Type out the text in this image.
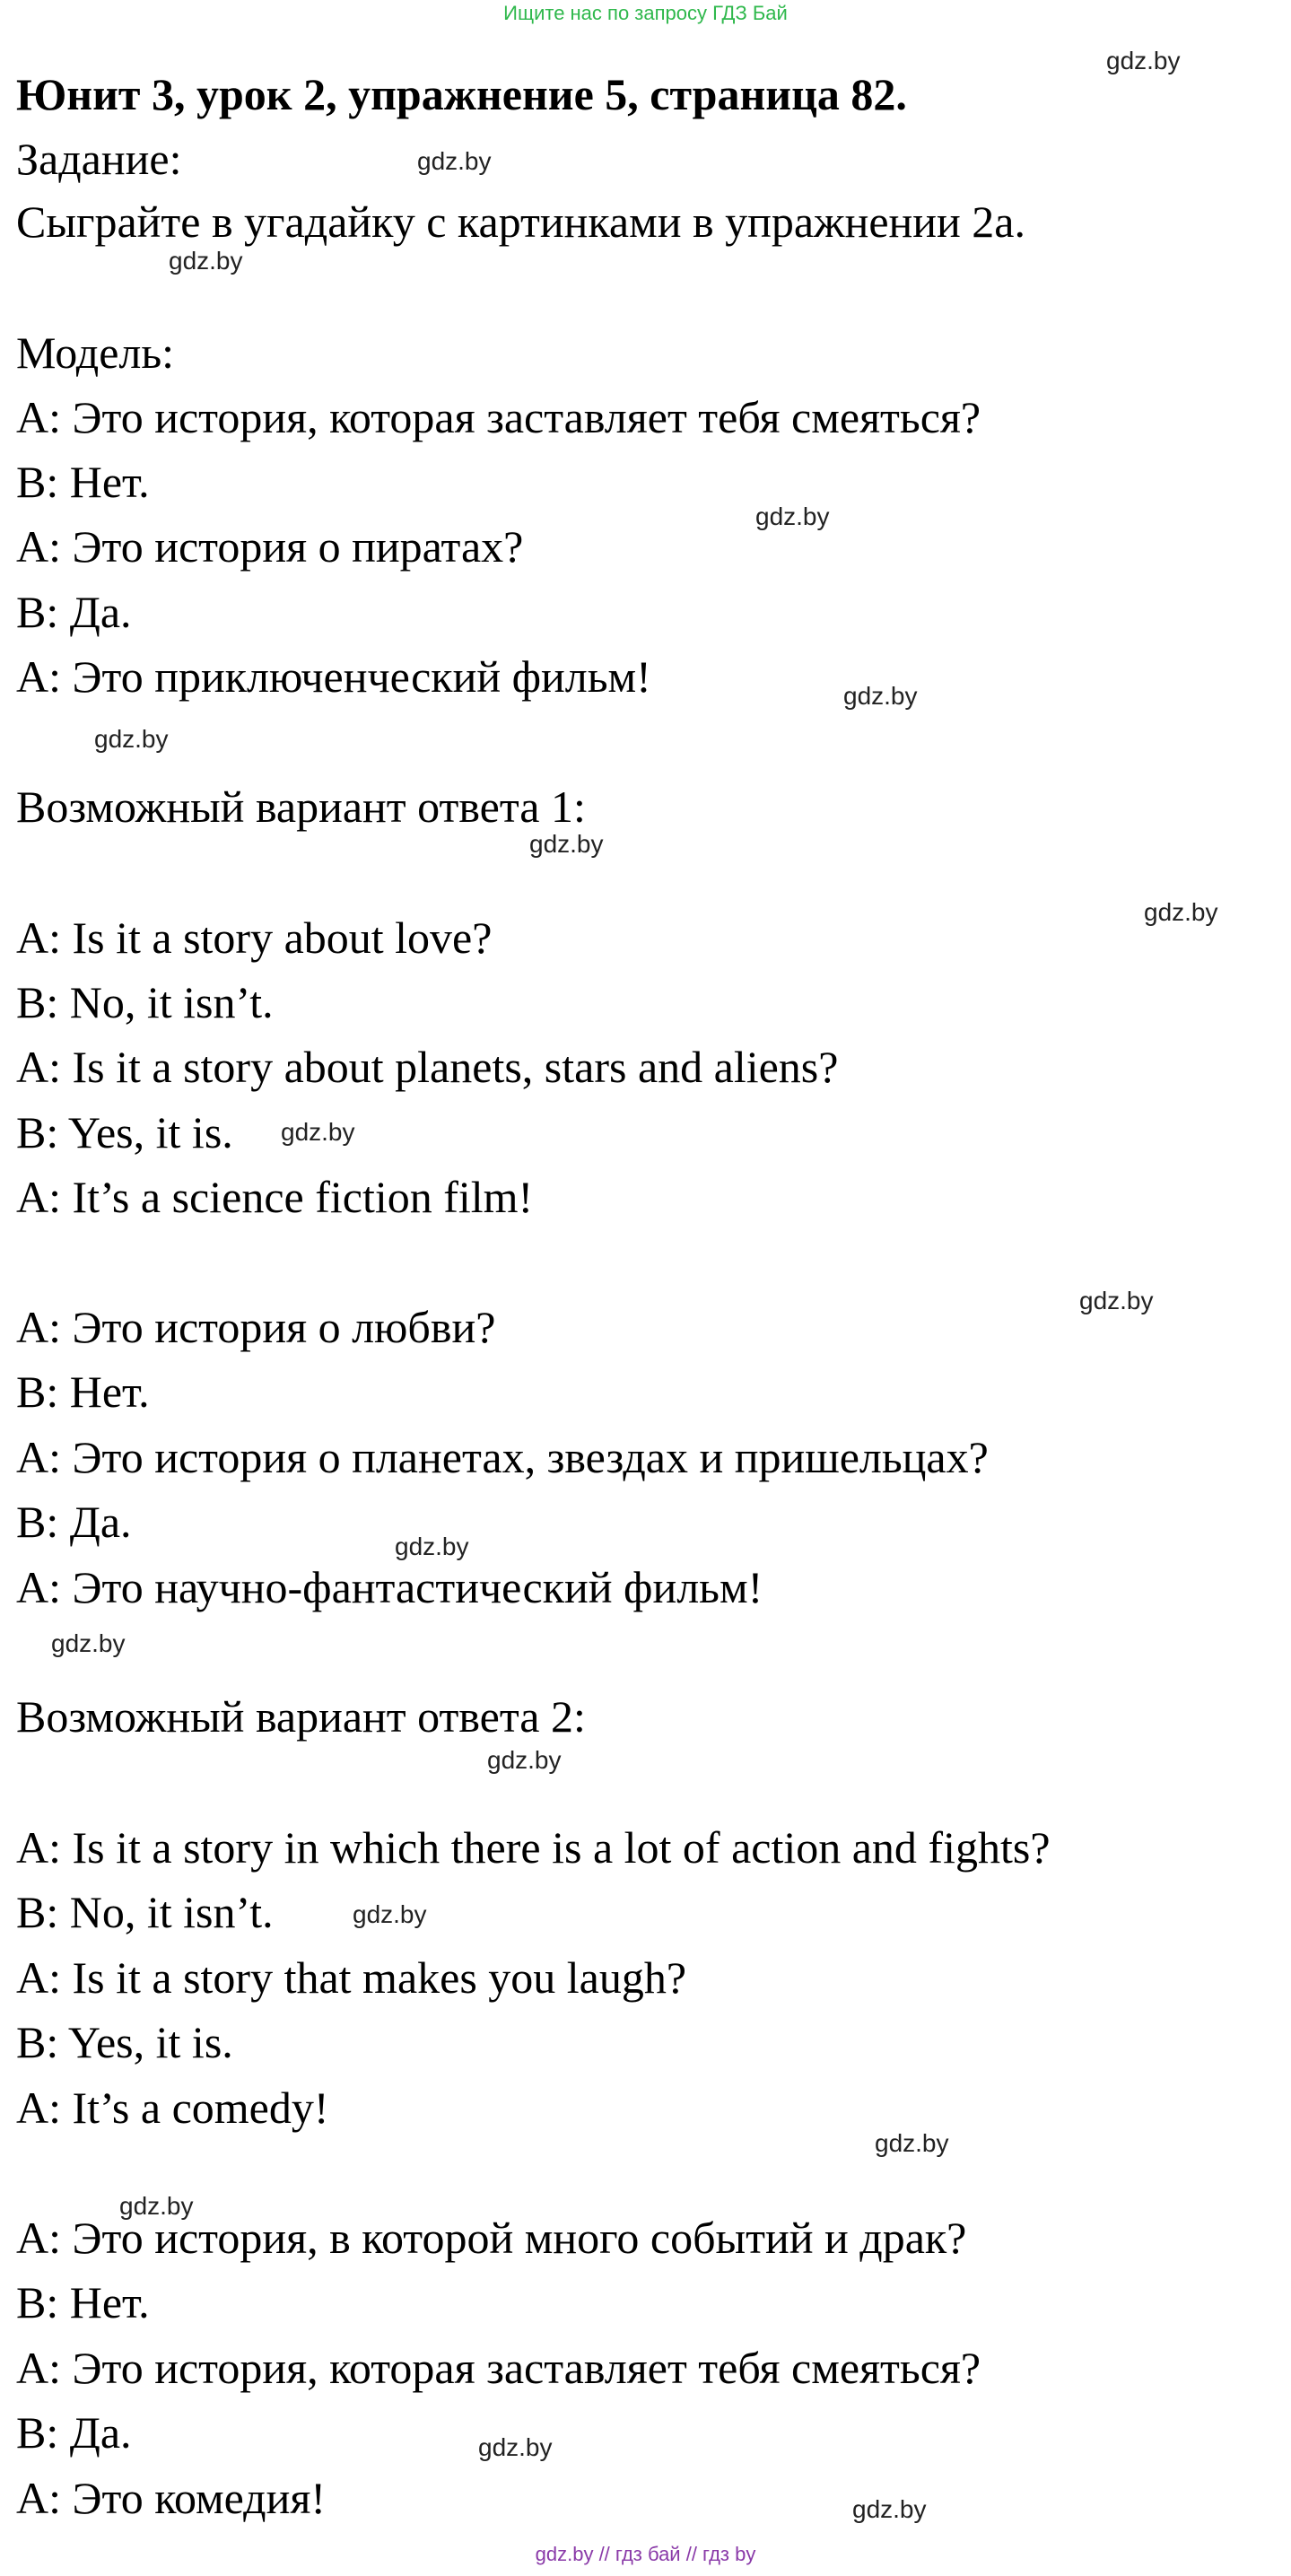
Ищите нас по запросу ГДЗ Бай
Юнит 3, урок 2, упражнение 5, страница 82.
Задание:
Сыграйте в угадайку с картинками в упражнении 2а.
Модель:
А: Это история, которая заставляет тебя смеяться?
В: Нет.
А: Это история о пиратах?
В: Да.
А: Это приключенческий фильм!
Возможный вариант ответа 1:
A: Is it a story about love?
B: No, it isn’t.
A: Is it a story about planets, stars and aliens?
B: Yes, it is.
A: It’s a science fiction film!
А: Это история о любви?
В: Нет.
А: Это история о планетах, звездах и пришельцах?
В: Да.
А: Это научно-фантастический фильм!
Возможный вариант ответа 2:
A: Is it a story in which there is a lot of action and fights?
B: No, it isn’t.
A: Is it a story that makes you laugh?
B: Yes, it is.
A: It’s a comedy!
А: Это история, в которой много событий и драк?
В: Нет.
А: Это история, которая заставляет тебя смеяться?
В: Да.
А: Это комедия!
gdz.by
gdz.by
gdz.by
gdz.by
gdz.by
gdz.by
gdz.by
gdz.by
gdz.by
gdz.by
gdz.by
gdz.by
gdz.by
gdz.by
gdz.by
gdz.by
gdz.by
gdz.by
gdz.by // гдз бай // гдз by
